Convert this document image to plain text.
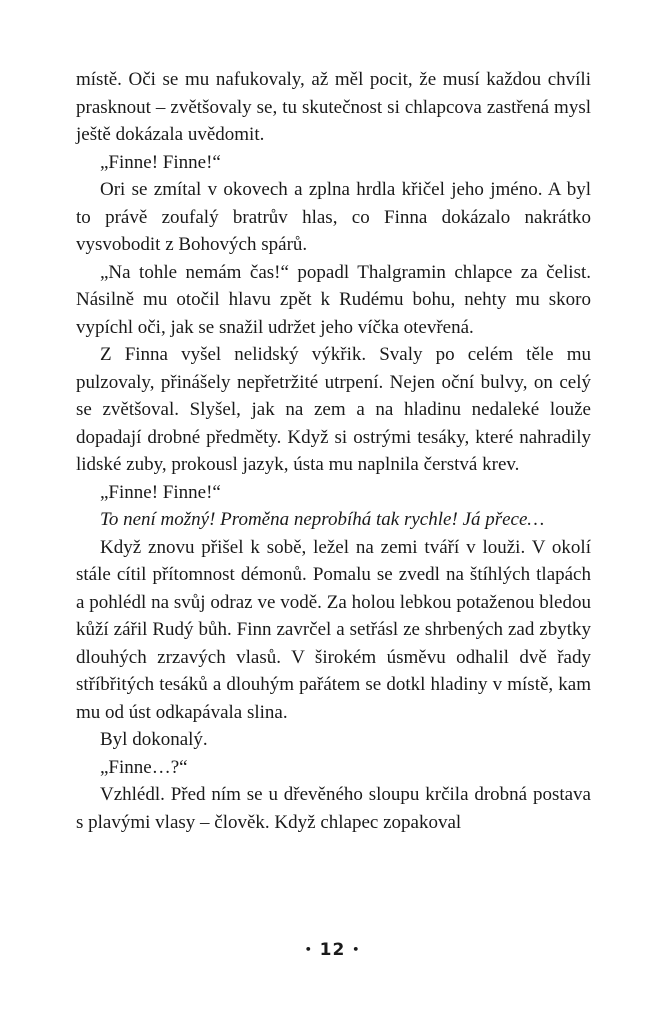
místě. Oči se mu nafukovaly, až měl pocit, že musí každou chvíli prasknout – zvětšovaly se, tu skutečnost si chlapcova zastřená mysl ještě dokázala uvědomit.

„Finne! Finne!“

Ori se zmítal v okovech a zplna hrdla křičel jeho jméno. A byl to právě zoufalý bratrův hlas, co Finna dokázalo nakrátko vysvobodit z Bohových spárů.

„Na tohle nemám čas!“ popadl Thalgramin chlapce za čelist. Násilně mu otočil hlavu zpět k Rudému bohu, nehty mu skoro vypíchl oči, jak se snažil udržet jeho víčka otevřená.

Z Finna vyšel nelidský výkřik. Svaly po celém těle mu pulzovaly, přinášely nepřetržité utrpení. Nejen oční bulvy, on celý se zvětšoval. Slyšel, jak na zem a na hladinu nedaleké louže dopadají drobné předměty. Když si ostrými tesáky, které nahradily lidské zuby, prokousl jazyk, ústa mu naplnila čerstvá krev.

„Finne! Finne!“

To není možný! Proměna neprobíhá tak rychle! Já přece…

Když znovu přišel k sobě, ležel na zemi tváří v louži. V okolí stále cítil přítomnost démonů. Pomalu se zvedl na štíhlých tlapách a pohlédl na svůj odraz ve vodě. Za holou lebkou potaženou bledou kůží zářil Rudý bůh. Finn zavrčel a setřásl ze shrbených zad zbytky dlouhých zrzavých vlasů. V širokém úsměvu odhalil dvě řady stříbřitých tesáků a dlouhým pařátem se dotkl hladiny v místě, kam mu od úst odkapávala slina.

Byl dokonalý.

„Finne…?“

Vzhlédl. Před ním se u dřevěného sloupu krčila drobná postava s plavými vlasy – člověk. Když chlapec zopakoval

• 12 •
